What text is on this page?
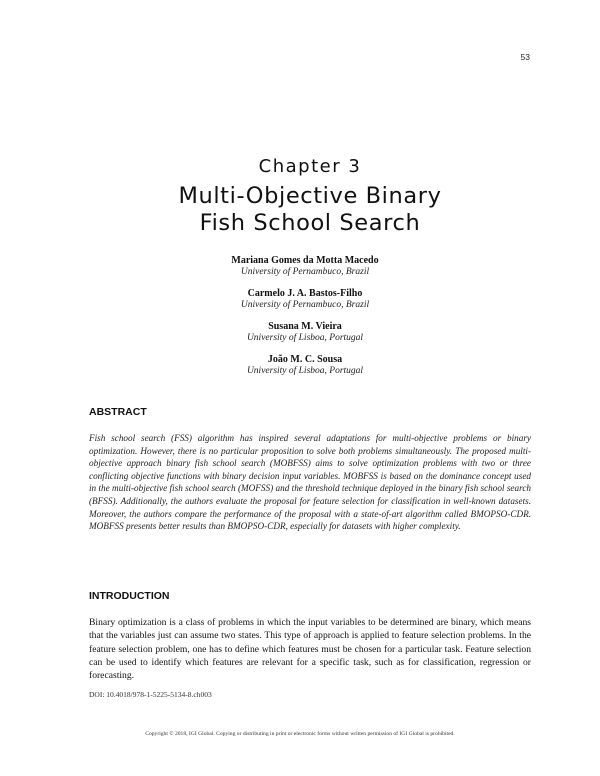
53
Chapter 3
Multi-Objective Binary
Fish School Search
Mariana Gomes da Motta Macedo
University of Pernambuco, Brazil
Carmelo J. A. Bastos-Filho
University of Pernambuco, Brazil
Susana M. Vieira
University of Lisboa, Portugal
João M. C. Sousa
University of Lisboa, Portugal
ABSTRACT

Fish school search (FSS) algorithm has inspired several adaptations for multi-objective problems or binary optimization. However, there is no particular proposition to solve both problems simultaneously. The proposed multi-objective approach binary fish school search (MOBFSS) aims to solve optimization problems with two or three conflicting objective functions with binary decision input variables. MOBFSS is based on the dominance concept used in the multi-objective fish school search (MOFSS) and the threshold technique deployed in the binary fish school search (BFSS). Additionally, the authors evaluate the proposal for feature selection for classification in well-known datasets. Moreover, the authors compare the performance of the proposal with a state-of-art algorithm called BMOPSO-CDR. MOBFSS presents better results than BMOPSO-CDR, especially for datasets with higher complexity.

INTRODUCTION

Binary optimization is a class of problems in which the input variables to be determined are binary, which means that the variables just can assume two states. This type of approach is applied to feature selection problems. In the feature selection problem, one has to define which features must be chosen for a particular task. Feature selection can be used to identify which features are relevant for a specific task, such as for classification, regression or forecasting.

DOI: 10.4018/978-1-5225-5134-8.ch003
Copyright © 2018, IGI Global. Copying or distributing in print or electronic forms without written permission of IGI Global is prohibited.
